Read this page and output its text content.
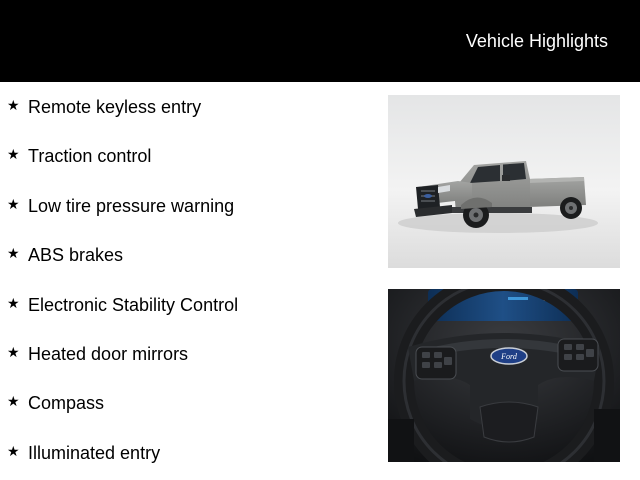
Vehicle Highlights
★ Remote keyless entry
★ Traction control
★ Low tire pressure warning
★ ABS brakes
★ Electronic Stability Control
★ Heated door mirrors
★ Compass
★ Illuminated entry
0
Ford
